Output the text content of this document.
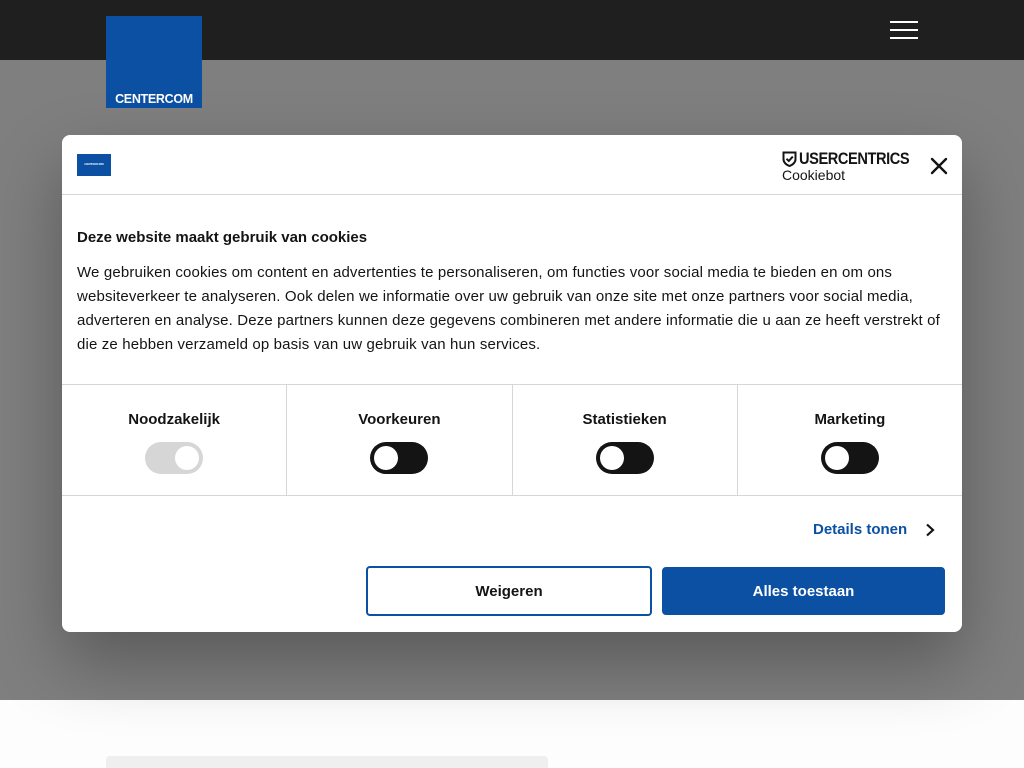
CENTERCOM
CENTERCOM	USERCENTRICS
Cookiebot
Deze website maakt gebruik van cookies
We gebruiken cookies om content en advertenties te personaliseren, om functies voor social media te bieden en om ons websiteverkeer te analyseren. Ook delen we informatie over uw gebruik van onze site met onze partners voor social media, adverteren en analyse. Deze partners kunnen deze gegevens combineren met andere informatie die u aan ze heeft verstrekt of die ze hebben verzameld op basis van uw gebruik van hun services.
Noodzakelijk	Voorkeuren	Statistieken	Marketing
Details tonen
Weigeren	Alles toestaan
